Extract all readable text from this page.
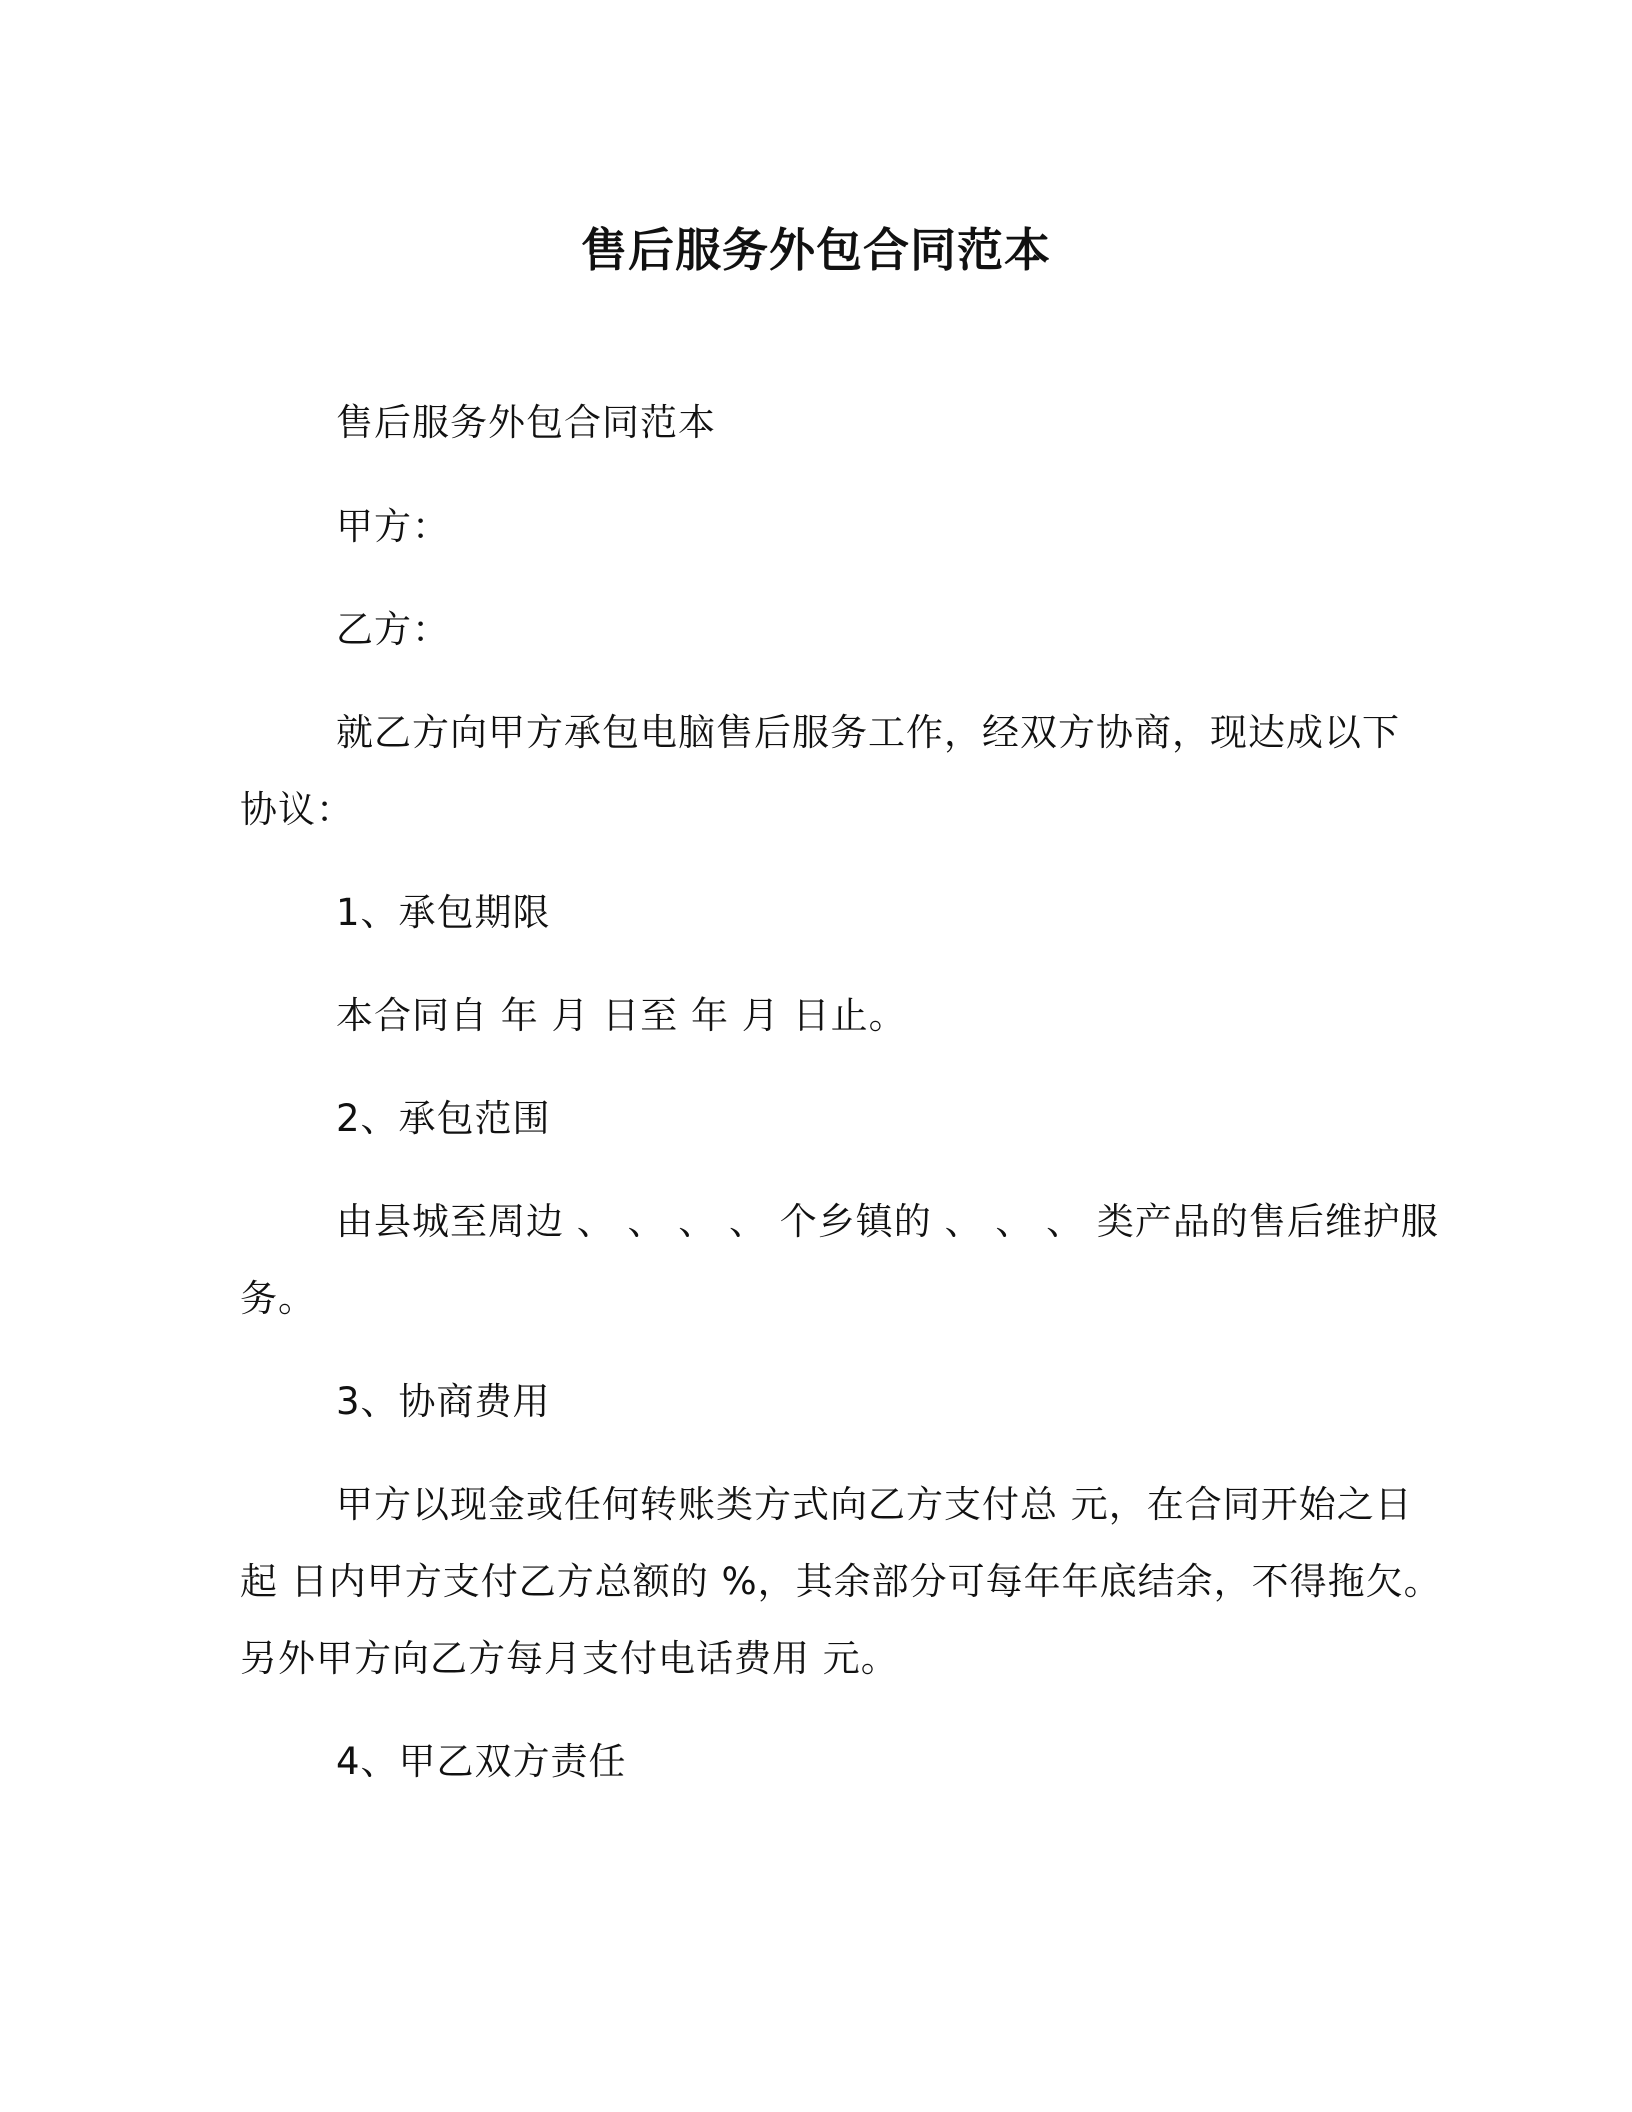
售后服务外包合同范本
售后服务外包合同范本
甲方：
乙方：
就乙方向甲方承包电脑售后服务工作，经双方协商，现达成以下
协议：
1、承包期限
本合同自 年 月 日至 年 月 日止。
2、承包范围
由县城至周边 、 、 、 、 个乡镇的 、 、 、 类产品的售后维护服
务。
3、协商费用
甲方以现金或任何转账类方式向乙方支付总 元，在合同开始之日
起 日内甲方支付乙方总额的 %，其余部分可每年年底结余，不得拖欠。
另外甲方向乙方每月支付电话费用 元。
4、甲乙双方责任
